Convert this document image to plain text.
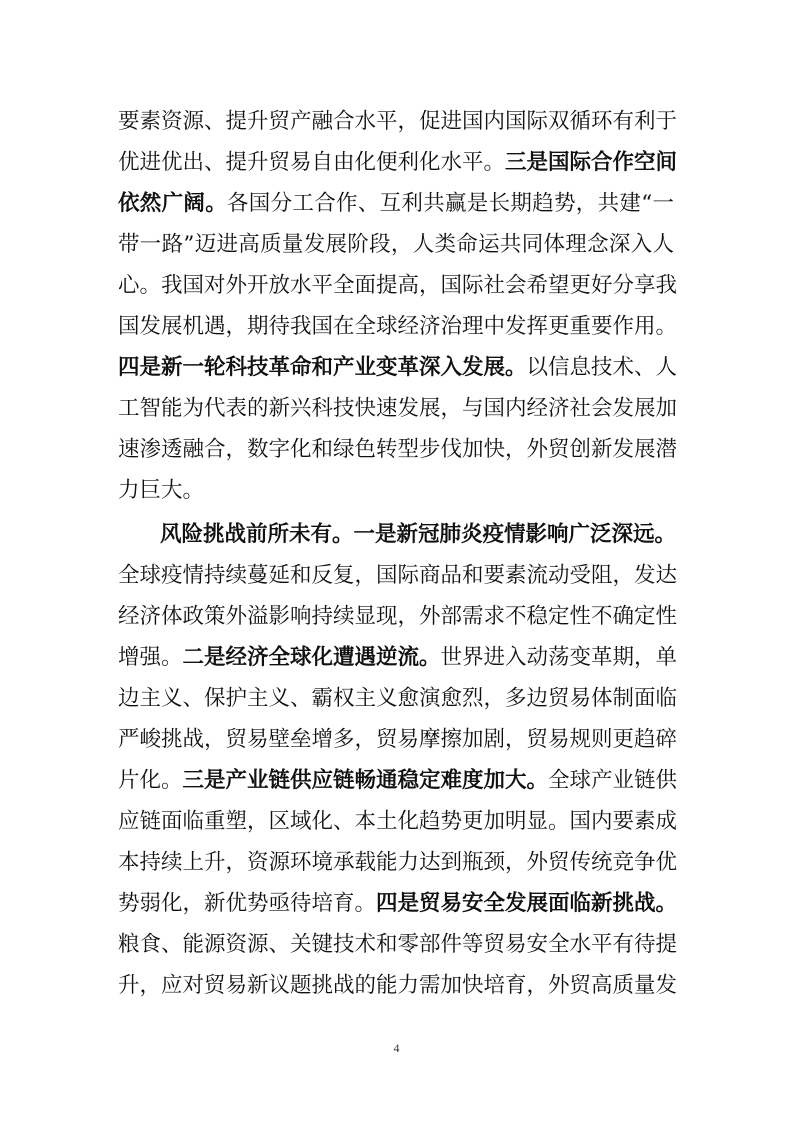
要素资源、提升贸产融合水平，促进国内国际双循环有利于
优进优出、提升贸易自由化便利化水平。三是国际合作空间
依然广阔。各国分工合作、互利共赢是长期趋势，共建“一
带一路”迈进高质量发展阶段，人类命运共同体理念深入人
心。我国对外开放水平全面提高，国际社会希望更好分享我
国发展机遇，期待我国在全球经济治理中发挥更重要作用。
四是新一轮科技革命和产业变革深入发展。以信息技术、人
工智能为代表的新兴科技快速发展，与国内经济社会发展加
速渗透融合，数字化和绿色转型步伐加快，外贸创新发展潜
力巨大。
风险挑战前所未有。一是新冠肺炎疫情影响广泛深远。
全球疫情持续蔓延和反复，国际商品和要素流动受阻，发达
经济体政策外溢影响持续显现，外部需求不稳定性不确定性
增强。二是经济全球化遭遇逆流。世界进入动荡变革期，单
边主义、保护主义、霸权主义愈演愈烈，多边贸易体制面临
严峻挑战，贸易壁垒增多，贸易摩擦加剧，贸易规则更趋碎
片化。三是产业链供应链畅通稳定难度加大。全球产业链供
应链面临重塑，区域化、本土化趋势更加明显。国内要素成
本持续上升，资源环境承载能力达到瓶颈，外贸传统竞争优
势弱化，新优势亟待培育。四是贸易安全发展面临新挑战。
粮食、能源资源、关键技术和零部件等贸易安全水平有待提
升，应对贸易新议题挑战的能力需加快培育，外贸高质量发
4
